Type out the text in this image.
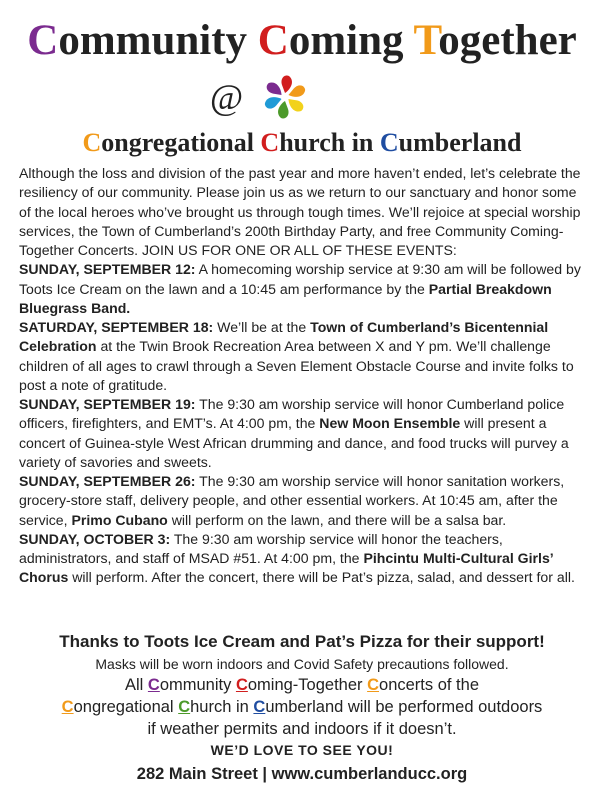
Community Coming Together
@
Congregational Church in Cumberland

Although the loss and division of the past year and more haven’t ended, let’s celebrate the resiliency of our community. Please join us as we return to our sanctuary and honor some of the local heroes who’ve brought us through tough times. We’ll rejoice at special worship services, the Town of Cumberland’s 200th Birthday Party, and free Community Coming-Together Concerts. JOIN US FOR ONE OR ALL OF THESE EVENTS:

SUNDAY, SEPTEMBER 12: A homecoming worship service at 9:30 am will be followed by Toots Ice Cream on the lawn and a 10:45 am performance by the Partial Breakdown Bluegrass Band.

SATURDAY, SEPTEMBER 18: We’ll be at the Town of Cumberland’s Bicentennial Celebration at the Twin Brook Recreation Area between X and Y pm. We’ll challenge children of all ages to crawl through a Seven Element Obstacle Course and invite folks to post a note of gratitude.

SUNDAY, SEPTEMBER 19: The 9:30 am worship service will honor Cumberland police officers, firefighters, and EMT’s. At 4:00 pm, the New Moon Ensemble will present a concert of Guinea-style West African drumming and dance, and food trucks will purvey a variety of savories and sweets.

SUNDAY, SEPTEMBER 26: The 9:30 am worship service will honor sanitation workers, grocery-store staff, delivery people, and other essential workers. At 10:45 am, after the service, Primo Cubano will perform on the lawn, and there will be a salsa bar.

SUNDAY, OCTOBER 3: The 9:30 am worship service will honor the teachers, administrators, and staff of MSAD #51. At 4:00 pm, the Pihcintu Multi-Cultural Girls’ Chorus will perform. After the concert, there will be Pat’s pizza, salad, and dessert for all.

Thanks to Toots Ice Cream and Pat’s Pizza for their support!
Masks will be worn indoors and Covid Safety precautions followed.
All Community Coming-Together Concerts of the
Congregational Church in Cumberland will be performed outdoors
if weather permits and indoors if it doesn’t.
WE’D LOVE TO SEE YOU!
282 Main Street | www.cumberlanducc.org
